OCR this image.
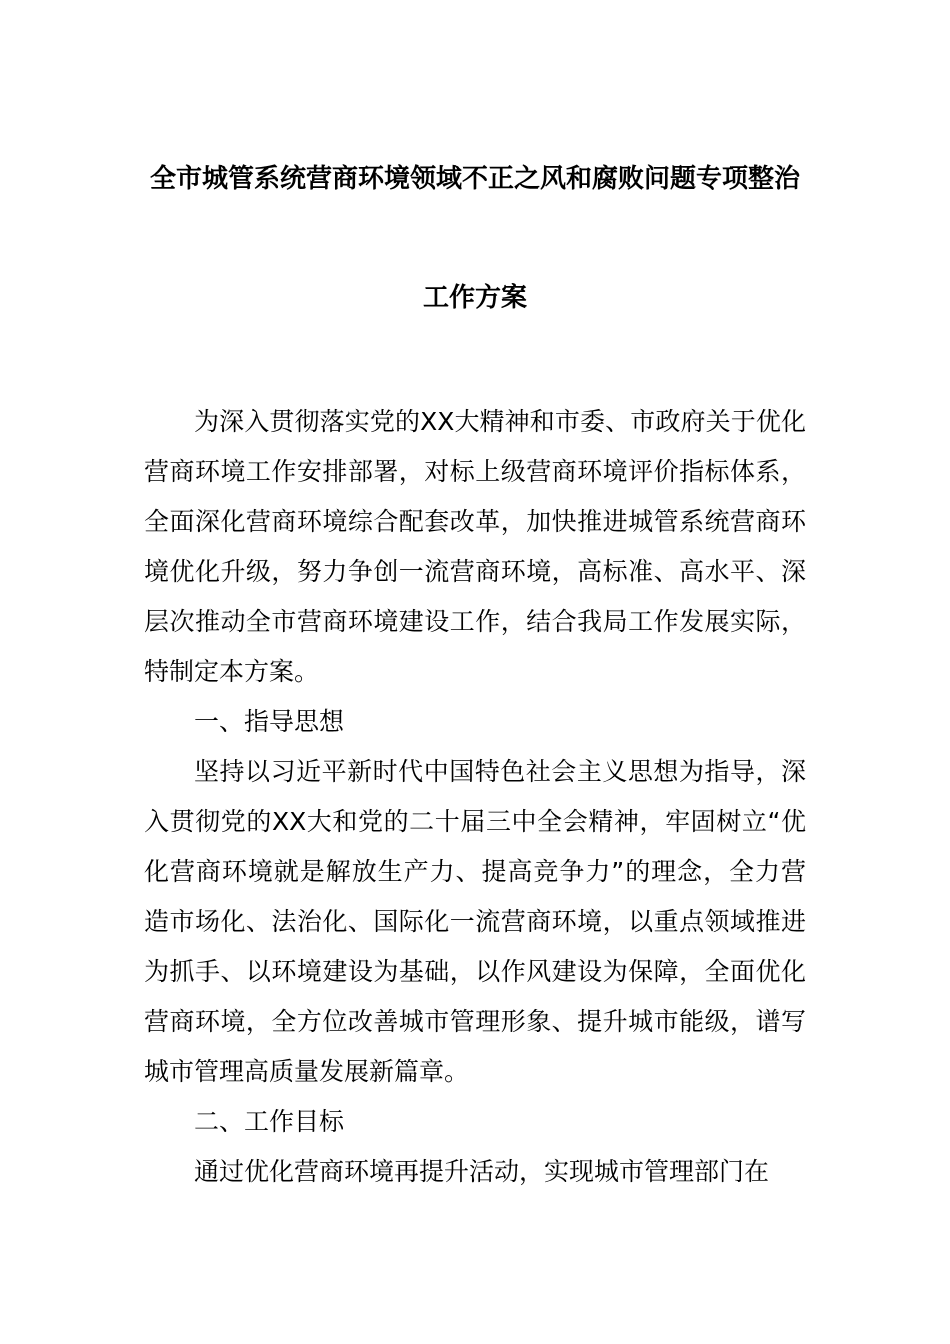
全市城管系统营商环境领域不正之风和腐败问题专项整治
工作方案

为深入贯彻落实党的XX大精神和市委、市政府关于优化营商环境工作安排部署，对标上级营商环境评价指标体系，全面深化营商环境综合配套改革，加快推进城管系统营商环境优化升级，努力争创一流营商环境，高标准、高水平、深层次推动全市营商环境建设工作，结合我局工作发展实际，特制定本方案。

一、指导思想

坚持以习近平新时代中国特色社会主义思想为指导，深入贯彻党的XX大和党的二十届三中全会精神，牢固树立“优化营商环境就是解放生产力、提高竞争力”的理念，全力营造市场化、法治化、国际化一流营商环境，以重点领域推进为抓手、以环境建设为基础，以作风建设为保障，全面优化营商环境，全方位改善城市管理形象、提升城市能级，谱写城市管理高质量发展新篇章。

二、工作目标

通过优化营商环境再提升活动，实现城市管理部门在
